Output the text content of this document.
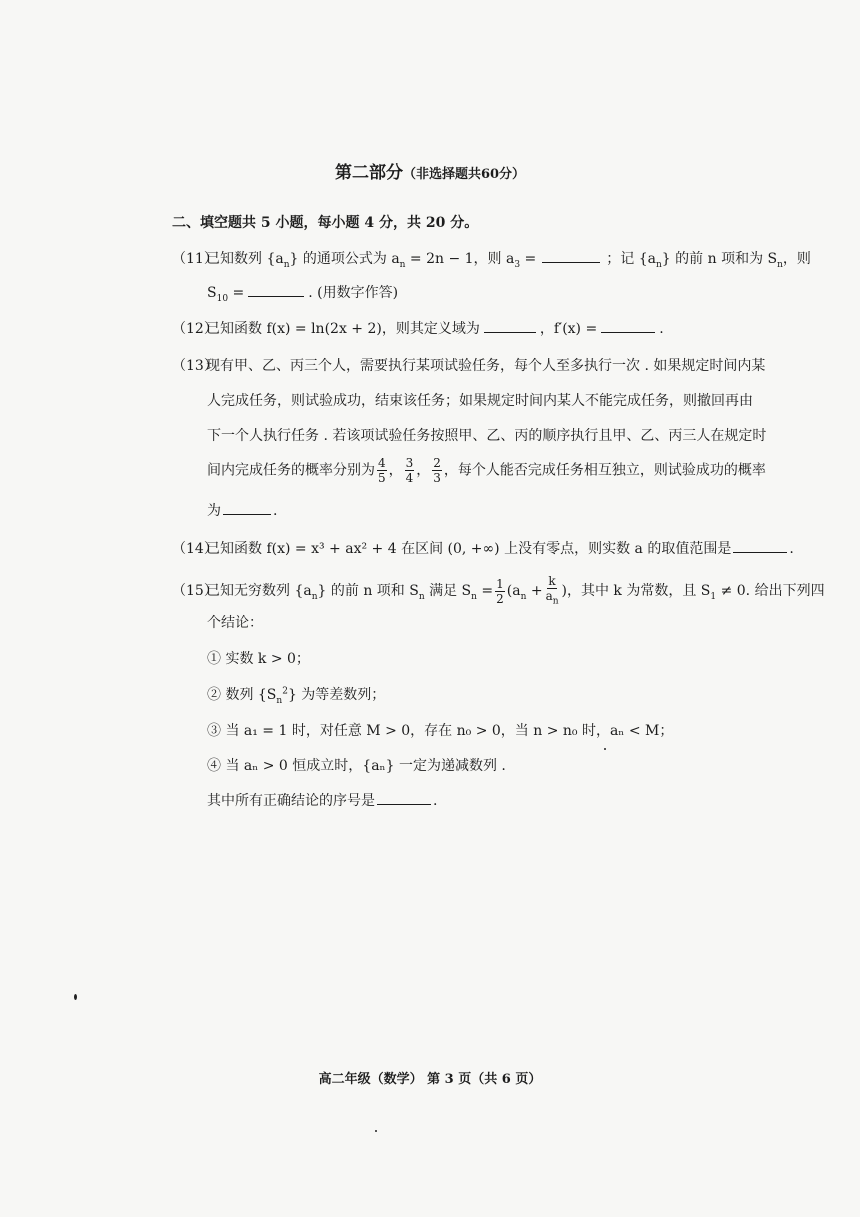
第二部分（非选择题共60分）
二、填空题共 5 小题，每小题 4 分，共 20 分。
（11）已知数列 $\{a_n\}$ 的通项公式为 $a_n = 2n - 1$，则 $a_3$ =	；记 $\{a_n\}$ 的前 n 项和为 $S_n$，则
$S_{10}$ =	. (用数字作答)
（12）已知函数 f(x) = ln(2x + 2)，则其定义域为	，f′(x) =	.
（13）现有甲、乙、丙三个人，需要执行某项试验任务，每个人至多执行一次 . 如果规定时间内某
人完成任务，则试验成功，结束该任务；如果规定时间内某人不能完成任务，则撤回再由
下一个人执行任务 . 若该项试验任务按照甲、乙、丙的顺序执行且甲、乙、丙三人在规定时
间内完成任务的概率分别为 $\frac{4}{5}$ ， $\frac{3}{4}$ ， $\frac{2}{3}$ ，每个人能否完成任务相互独立，则试验成功的概率
为	.
（14）已知函数 f(x) = x³ + ax² + 4 在区间 (0, +∞) 上没有零点，则实数 a 的取值范围是	.
（15）已知无穷数列 $\{a_n\}$ 的前 n 项和 $S_n$ 满足 $S_n = \frac{1}{2} (a_n + \frac{k}{a_n}$ )，其中 k 为常数，且 $S_1 \ne 0$. 给出下列四
个结论：
① 实数 k > 0；
② 数列 $\{S_n^2\}$ 为等差数列；
③ 当 a₁ = 1 时，对任意 M > 0，存在 n₀ > 0，当 n > n₀ 时，aₙ < M；
④ 当 aₙ > 0 恒成立时，{aₙ} 一定为递减数列 .
其中所有正确结论的序号是	.
高二年级（数学） 第 3 页（共 6 页）
